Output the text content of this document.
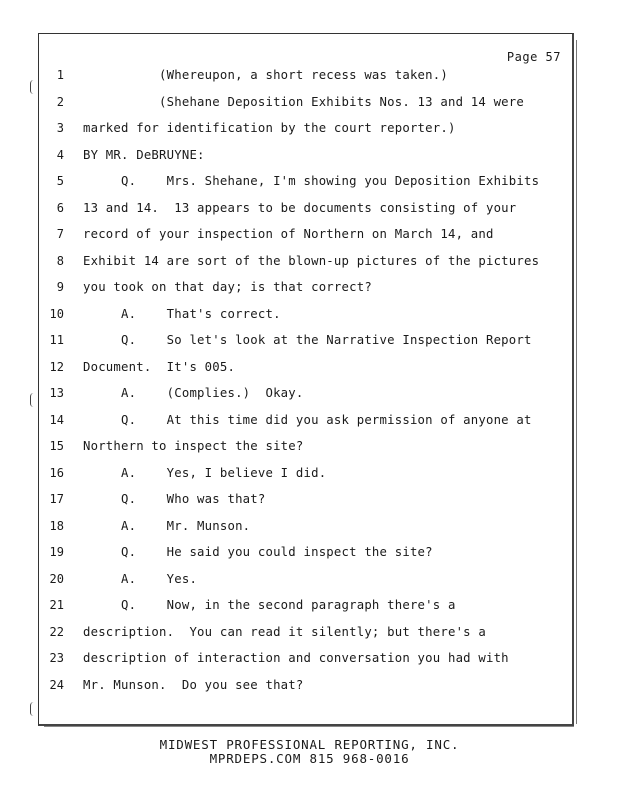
Page 57
1 (Whereupon, a short recess was taken.)
2 (Shehane Deposition Exhibits Nos. 13 and 14 were
3 marked for identification by the court reporter.)
4 BY MR. DeBRUYNE:
5 Q.    Mrs. Shehane, I'm showing you Deposition Exhibits
6 13 and 14.  13 appears to be documents consisting of your
7 record of your inspection of Northern on March 14, and
8 Exhibit 14 are sort of the blown-up pictures of the pictures
9 you took on that day; is that correct?
10 A.    That's correct.
11 Q.    So let's look at the Narrative Inspection Report
12 Document.  It's 005.
13 A.    (Complies.)  Okay.
14 Q.    At this time did you ask permission of anyone at
15 Northern to inspect the site?
16 A.    Yes, I believe I did.
17 Q.    Who was that?
18 A.    Mr. Munson.
19 Q.    He said you could inspect the site?
20 A.    Yes.
21 Q.    Now, in the second paragraph there's a
22 description.  You can read it silently; but there's a
23 description of interaction and conversation you had with
24 Mr. Munson.  Do you see that?
MIDWEST PROFESSIONAL REPORTING, INC.
MPRDEPS.COM 815 968-0016
